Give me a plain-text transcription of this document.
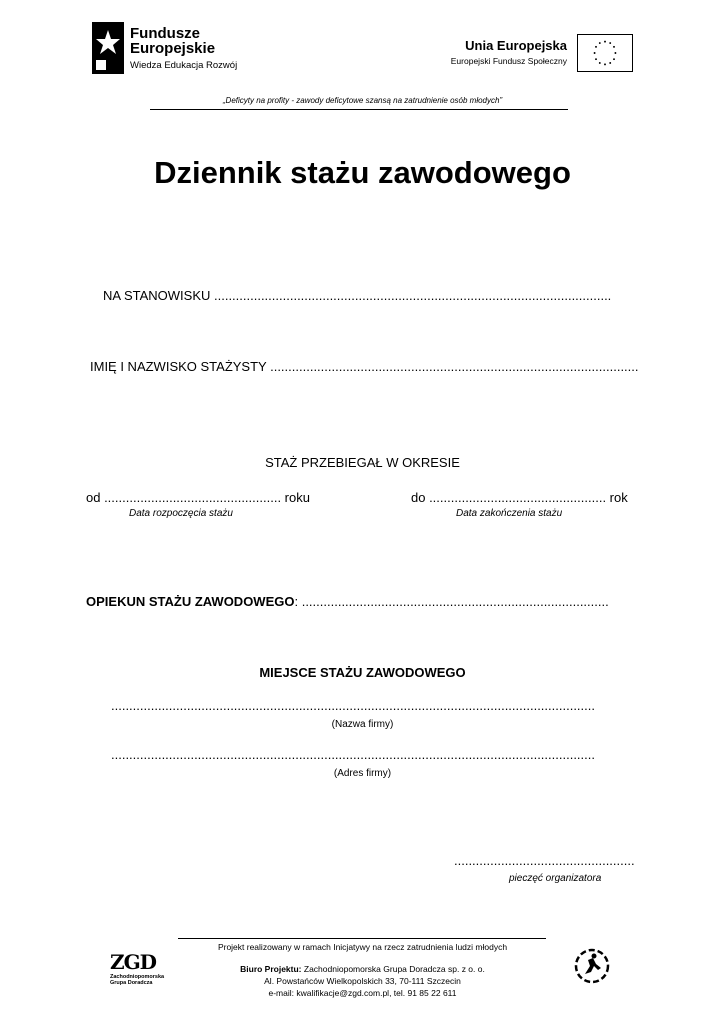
Fundusze
Europejskie
Wiedza Edukacja Rozwój
Unia Europejska
Europejski Fundusz Społeczny
„Deficyty na profity - zawody deficytowe szansą na zatrudnienie osób młodych”
Dziennik stażu zawodowego
NA STANOWISKU ..............................................................................................................
IMIĘ I NAZWISKO STAŻYSTY ......................................................................................................
STAŻ PRZEBIEGAŁ W OKRESIE
od ................................................. roku	do ................................................. rok
Data rozpoczęcia stażu	Data zakończenia stażu
OPIEKUN STAŻU ZAWODOWEGO: .....................................................................................
MIEJSCE STAŻU ZAWODOWEGO
......................................................................................................................................
(Nazwa firmy)
......................................................................................................................................
(Adres firmy)
..................................................
pieczęć organizatora
Projekt realizowany w ramach Inicjatywy na rzecz zatrudnienia ludzi młodych
Biuro Projektu: Zachodniopomorska Grupa Doradcza sp. z o. o.
Al. Powstańców Wielkopolskich 33, 70-111 Szczecin
e-mail: kwalifikacje@zgd.com.pl, tel. 91 85 22 611
ZGD
Zachodniopomorska
Grupa Doradcza
